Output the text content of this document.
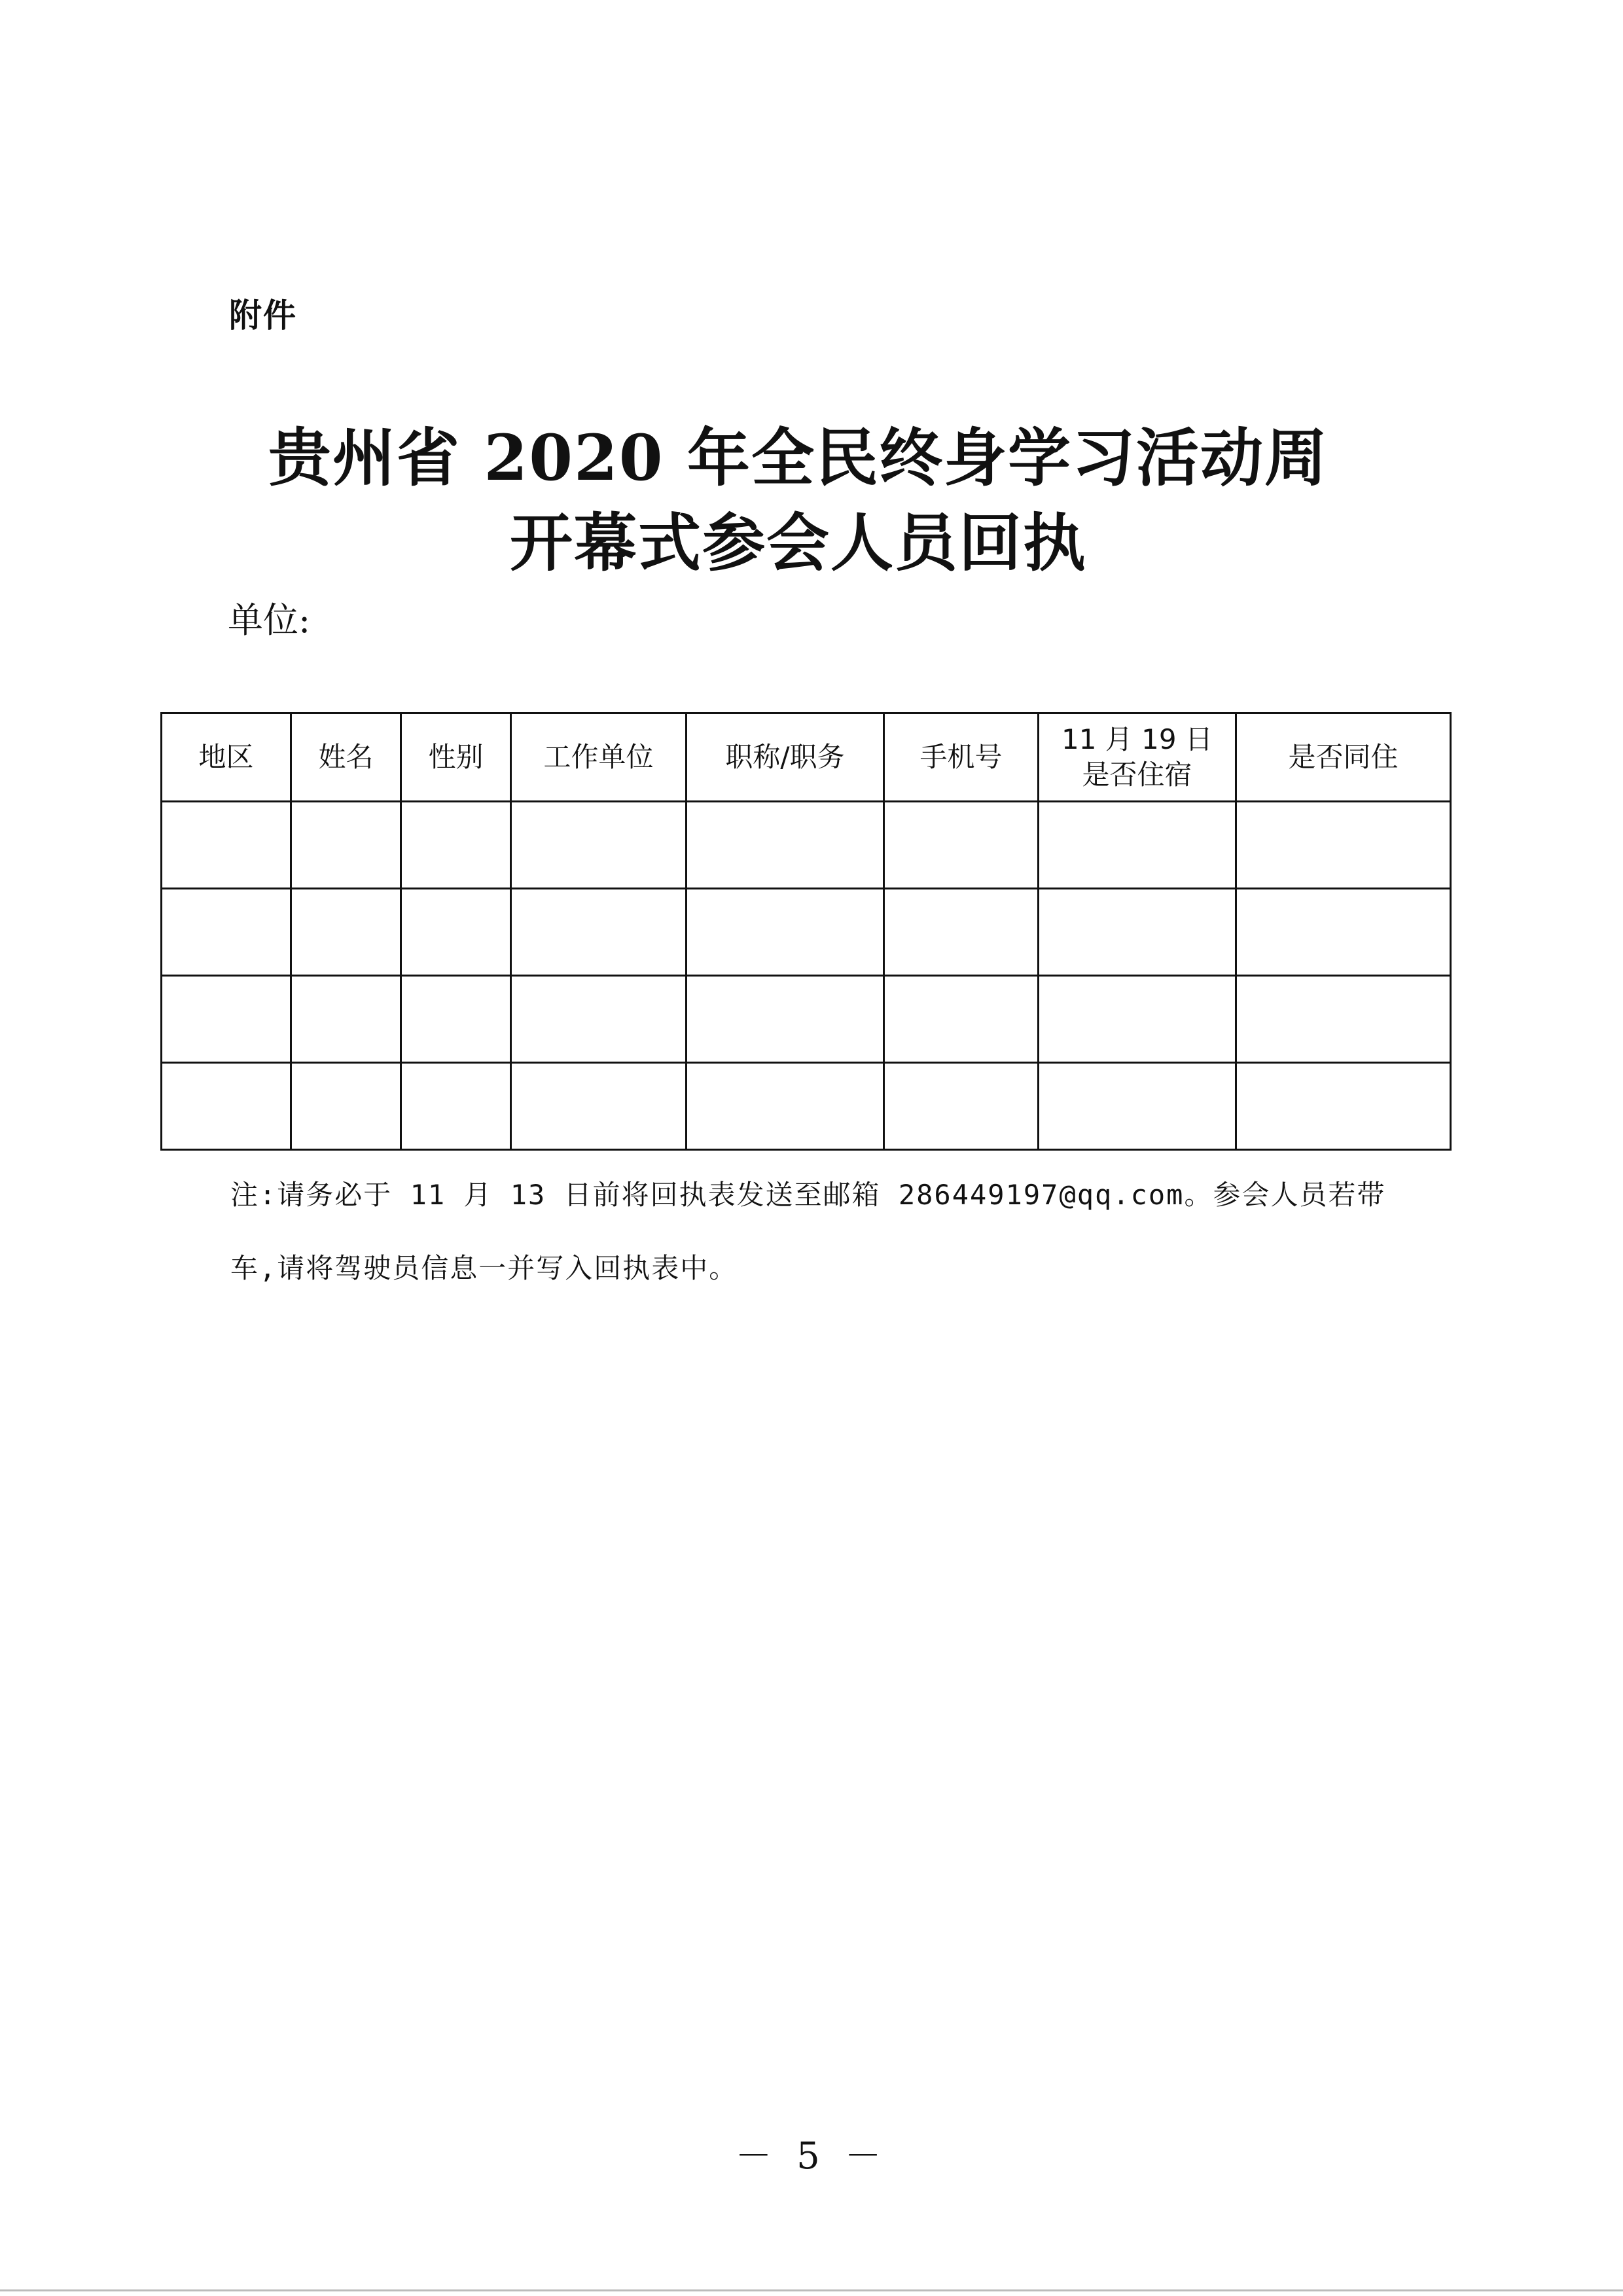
附件
贵州省 2020 年全民终身学习活动周
开幕式参会人员回执
单位:
地区	姓名	性别	工作单位	职称/职务	手机号	11 月 19 日是否住宿	是否同住

注:请务必于 11 月 13 日前将回执表发送至邮箱 286449197@qq.com。参会人员若带
车,请将驾驶员信息一并写入回执表中。
－ 5 －
